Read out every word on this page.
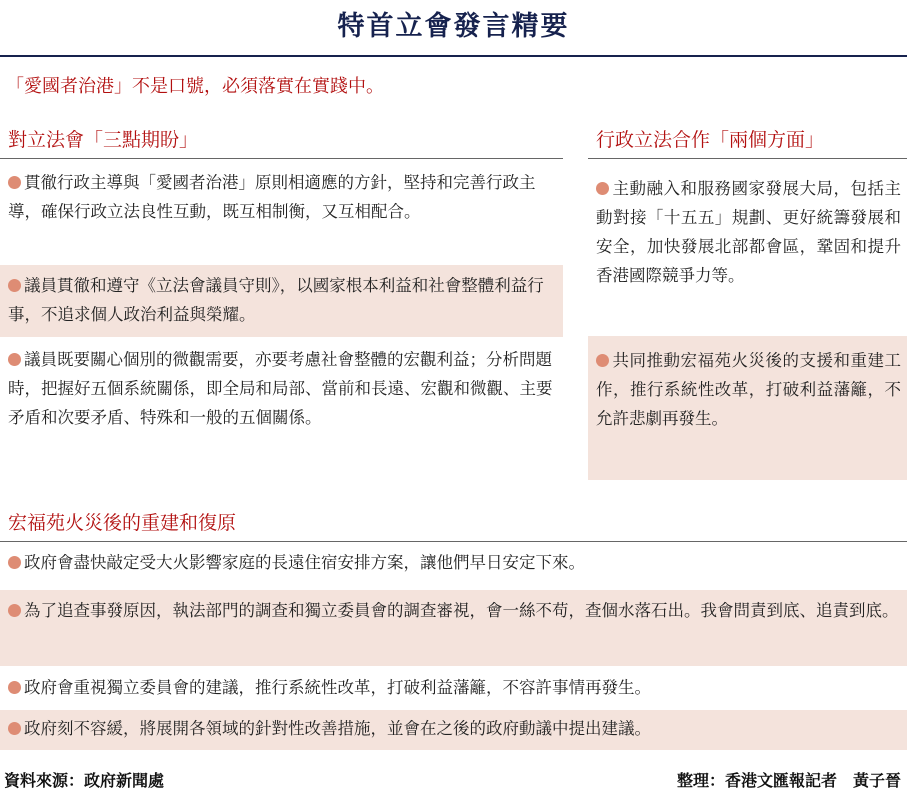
特首立會發言精要
「愛國者治港」不是口號，必須落實在實踐中。
對立法會「三點期盼」
貫徹行政主導與「愛國者治港」原則相適應的方針，堅持和完善行政主導，確保行政立法良性互動，既互相制衡，又互相配合。
議員貫徹和遵守《立法會議員守則》，以國家根本利益和社會整體利益行事，不追求個人政治利益與榮耀。
議員既要關心個別的微觀需要，亦要考慮社會整體的宏觀利益；分析問題時，把握好五個系統關係，即全局和局部、當前和長遠、宏觀和微觀、主要矛盾和次要矛盾、特殊和一般的五個關係。
行政立法合作「兩個方面」
主動融入和服務國家發展大局，包括主動對接「十五五」規劃、更好統籌發展和安全，加快發展北部都會區，鞏固和提升香港國際競爭力等。
共同推動宏福苑火災後的支援和重建工作，推行系統性改革，打破利益藩籬，不允許悲劇再發生。
宏福苑火災後的重建和復原
政府會盡快敲定受大火影響家庭的長遠住宿安排方案，讓他們早日安定下來。
為了追查事發原因，執法部門的調查和獨立委員會的調查審視，會一絲不苟，查個水落石出。我會問責到底、追責到底。
政府會重視獨立委員會的建議，推行系統性改革，打破利益藩籬，不容許事情再發生。
政府刻不容緩，將展開各領域的針對性改善措施，並會在之後的政府動議中提出建議。
資料來源：政府新聞處	整理：香港文匯報記者　黃子晉
